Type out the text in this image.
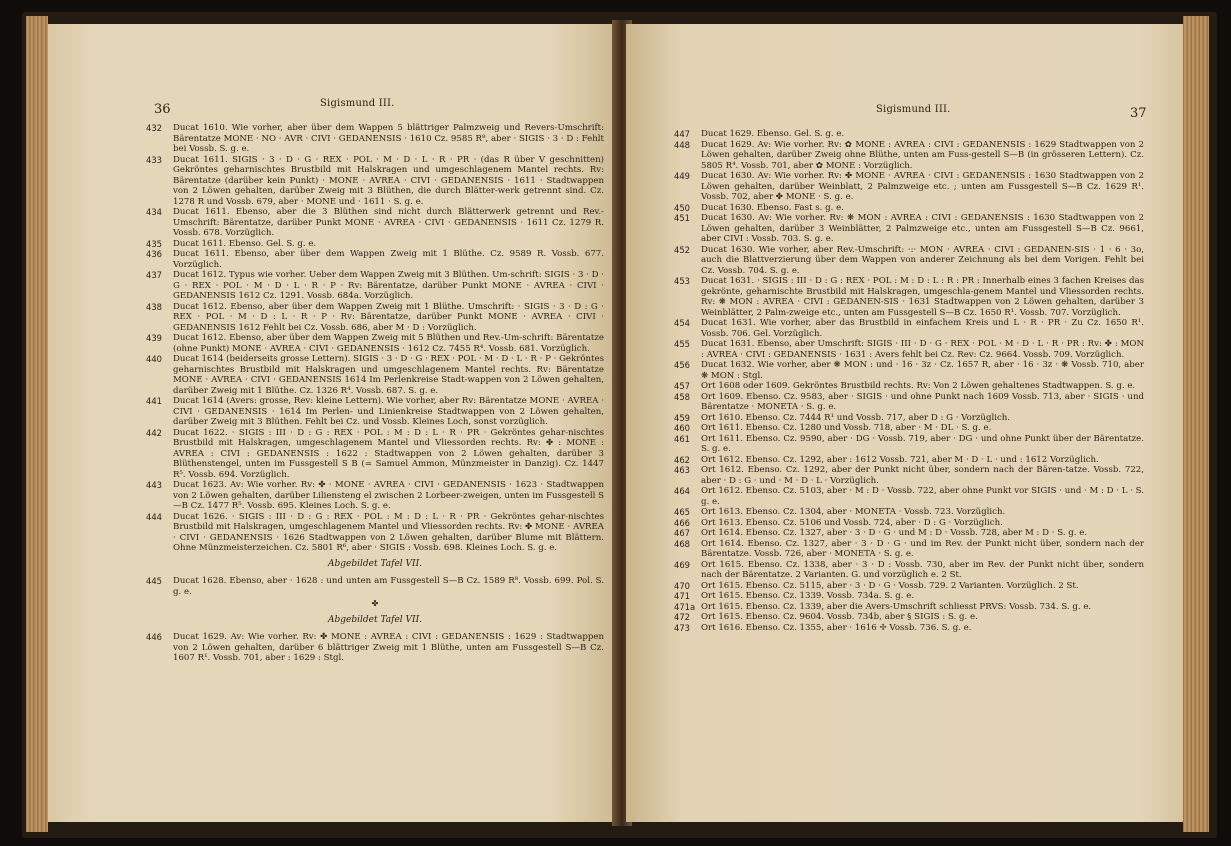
36	Sigismund III.
432 Ducat 1610. Wie vorher, aber über dem Wappen 5 blättriger Palmzweig und Revers-Umschrift: Bärentatze MONE · NO · AVR · CIVI · GEDANENSIS · 1610 Cz. 9585 R⁸, aber · SIGIS · 3 · D : Fehlt bei Vossb. S. g. e.
433 Ducat 1611. SIGIS · 3 · D · G · REX · POL · M · D · L · R · PR · (das R über V geschnitten) Gekröntes geharnischtes Brustbild mit Halskragen und umgeschlagenem Mantel rechts. Rv: Bärentatze (darüber kein Punkt) · MONE · AVREA · CIVI · GEDANENSIS · 1611 · Stadtwappen von 2 Löwen gehalten, darüber Zweig mit 3 Blüthen, die durch Blätter-werk getrennt sind. Cz. 1278 R und Vossb. 679, aber · MONE und · 1611 · S. g. e.
434 Ducat 1611. Ebenso, aber die 3 Blüthen sind nicht durch Blätterwerk getrennt und Rev.-Umschrift: Bärentatze, darüber Punkt MONE · AVREA · CIVI · GEDANENSIS · 1611 Cz. 1279 R. Vossb. 678. Vorzüglich.
435 Ducat 1611. Ebenso. Gel. S. g. e.
436 Ducat 1611. Ebenso, aber über dem Wappen Zweig mit 1 Blüthe. Cz. 9589 R. Vossb. 677. Vorzüglich.
437 Ducat 1612. Typus wie vorher. Ueber dem Wappen Zweig mit 3 Blüthen. Um-schrift: SIGIS · 3 · D · G · REX · POL · M · D · L · R · P · Rv: Bärentatze, darüber Punkt MONE · AVREA · CIVI · GEDANENSIS 1612 Cz. 1291. Vossb. 684a. Vorzüglich.
438 Ducat 1612. Ebenso, aber über dem Wappen Zweig mit 1 Blüthe. Umschrift: · SIGIS · 3 · D : G · REX · POL · M · D : L · R · P · Rv: Bärentatze, darüber Punkt MONE · AVREA · CIVI · GEDANENSIS 1612 Fehlt bei Cz. Vossb. 686, aber M · D : Vorzüglich.
439 Ducat 1612. Ebenso, aber über dem Wappen Zweig mit 5 Blüthen und Rev.-Um-schrift: Bärentatze (ohne Punkt) MONE · AVREA · CIVI · GEDANENSIS · 1612 Cz. 7455 R⁴. Vossb. 681. Vorzüglich.
440 Ducat 1614 (beiderseits grosse Lettern). SIGIS · 3 · D · G · REX · POL · M · D · L · R · P · Gekröntes geharnischtes Brustbild mit Halskragen und umgeschlagenem Mantel rechts. Rv: Bärentatze MONE · AVREA · CIVI · GEDANENSIS 1614 Im Perlenkreise Stadt-wappen von 2 Löwen gehalten, darüber Zweig mit 1 Blüthe. Cz. 1326 R⁴. Vossb. 687. S. g. e.
441 Ducat 1614 (Avers: grosse, Rev: kleine Lettern). Wie vorher, aber Rv: Bärentatze MONE · AVREA · CIVI · GEDANENSIS · 1614 Im Perlen- und Linienkreise Stadtwappen von 2 Löwen gehalten, darüber Zweig mit 3 Blüthen. Fehlt bei Cz. und Vossb. Kleines Loch, sonst vorzüglich.
442 Ducat 1622. · SIGIS : III · D : G : REX · POL : M : D : L · R · PR · Gekröntes gehar-nischtes Brustbild mit Halskragen, umgeschlagenem Mantel und Vliessorden rechts. Rv: ✤ : MONE : AVREA : CIVI : GEDANENSIS : 1622 : Stadtwappen von 2 Löwen gehalten, darüber 3 Blüthenstengel, unten im Fussgestell S B (= Samuel Ammon, Münzmeister in Danzig). Cz. 1447 R⁵. Vossb. 694. Vorzüglich.
443 Ducat 1623. Av: Wie vorher. Rv: ✤ · MONE · AVREA · CIVI · GEDANENSIS · 1623 · Stadtwappen von 2 Löwen gehalten, darüber Liliensteng el zwischen 2 Lorbeer-zweigen, unten im Fussgestell S—B Cz. 1477 R⁵. Vossb. 695. Kleines Loch. S. g. e.
444 Ducat 1626. · SIGIS : III · D : G : REX · POL : M : D : L · R · PR · Gekröntes gehar-nischtes Brustbild mit Halskragen, umgeschlagenem Mantel und Vliessorden rechts. Rv: ✤ MONE · AVREA · CIVI · GEDANENSIS · 1626 Stadtwappen von 2 Löwen gehalten, darüber Blume mit Blättern. Ohne Münzmeisterzeichen. Cz. 5801 R⁶, aber · SIGIS : Vossb. 698. Kleines Loch. S. g. e.
Abgebildet Tafel VII.
445 Ducat 1628. Ebenso, aber · 1628 : und unten am Fussgestell S—B Cz. 1589 R⁸. Vossb. 699. Pol. S. g. e.
✤
Abgebildet Tafel VII.
446 Ducat 1629. Av: Wie vorher. Rv: ✤ MONE : AVREA : CIVI : GEDANENSIS : 1629 : Stadtwappen von 2 Löwen gehalten, darüber 6 blättriger Zweig mit 1 Blüthe, unten am Fussgestell S—B Cz. 1607 R¹. Vossb. 701, aber : 1629 : Stgl.
Sigismund III.	37
447 Ducat 1629. Ebenso. Gel. S. g. e.
448 Ducat 1629. Av: Wie vorher. Rv: ✿ MONE : AVREA : CIVI : GEDANENSIS : 1629 Stadtwappen von 2 Löwen gehalten, darüber Zweig ohne Blüthe, unten am Fuss-gestell S—B (in grösseren Lettern). Cz. 5805 R⁴. Vossb. 701, aber ✿ MONE : Vorzüglich.
449 Ducat 1630. Av: Wie vorher. Rv: ✤ MONE · AVREA · CIVI : GEDANENSIS : 1630 Stadtwappen von 2 Löwen gehalten, darüber Weinblatt, 2 Palmzweige etc. ; unten am Fussgestell S—B Cz. 1629 R¹. Vossb. 702, aber ✤ MONE · S. g. e.
450 Ducat 1630. Ebenso. Fast s. g. e.
451 Ducat 1630. Av: Wie vorher. Rv: ❋ MON : AVREA : CIVI : GEDANENSIS : 1630 Stadtwappen von 2 Löwen gehalten, darüber 3 Weinblätter, 2 Palmzweige etc., unten am Fussgestell S—B Cz. 9661, aber CIVI : Vossb. 703. S. g. e.
452 Ducat 1630. Wie vorher, aber Rev.-Umschrift: ·:· MON · AVREA · CIVI : GEDANEN-SIS · 1 · 6 · 3o, auch die Blattverzierung über dem Wappen von anderer Zeichnung als bei dem Vorigen. Fehlt bei Cz. Vossb. 704. S. g. e.
453 Ducat 1631. · SIGIS : III · D : G : REX · POL : M : D : L : R : PR : Innerhalb eines 3 fachen Kreises das gekrönte, geharnischte Brustbild mit Halskragen, umgeschla-genem Mantel und Vliessorden rechts. Rv: ❋ MON : AVREA · CIVI : GEDANEN-SIS · 1631 Stadtwappen von 2 Löwen gehalten, darüber 3 Weinblätter, 2 Palm-zweige etc., unten am Fussgestell S—B Cz. 1650 R¹. Vossb. 707. Vorzüglich.
454 Ducat 1631. Wie vorher, aber das Brustbild in einfachem Kreis und L · R · PR · Zu Cz. 1650 R¹. Vossb. 706. Gel. Vorzüglich.
455 Ducat 1631. Ebenso, aber Umschrift: SIGIS · III · D · G · REX · POL · M · D · L · R · PR : Rv: ✤ : MON : AVREA · CIVI : GEDANENSIS · 1631 : Avers fehlt bei Cz. Rev: Cz. 9664. Vossb. 709. Vorzüglich.
456 Ducat 1632. Wie vorher, aber ❋ MON : und · 16 · 3z · Cz. 1657 R, aber · 16 · 3z · ❋ Vossb. 710, aber ❋ MON : Stgl.
457 Ort 1608 oder 1609. Gekröntes Brustbild rechts. Rv: Von 2 Löwen gehaltenes Stadtwappen. S. g. e.
458 Ort 1609. Ebenso. Cz. 9583, aber · SIGIS · und ohne Punkt nach 1609 Vossb. 713, aber · SIGIS · und Bärentatze · MONETA · S. g. e.
459 Ort 1610. Ebenso. Cz. 7444 R¹ und Vossb. 717, aber D : G · Vorzüglich.
460 Ort 1611. Ebenso. Cz. 1280 und Vossb. 718, aber · M · DL · S. g. e.
461 Ort 1611. Ebenso. Cz. 9590, aber · DG · Vossb. 719, aber · DG · und ohne Punkt über der Bärentatze. S. g. e.
462 Ort 1612. Ebenso. Cz. 1292, aber : 1612 Vossb. 721, aber M · D · L · und : 1612 Vorzüglich.
463 Ort 1612. Ebenso. Cz. 1292, aber der Punkt nicht über, sondern nach der Bären-tatze. Vossb. 722, aber · D : G · und · M · D · L · Vorzüglich.
464 Ort 1612. Ebenso. Cz. 5103, aber · M : D · Vossb. 722, aber ohne Punkt vor SIGIS · und · M : D · L · S. g. e.
465 Ort 1613. Ebenso. Cz. 1304, aber · MONETA · Vossb. 723. Vorzüglich.
466 Ort 1613. Ebenso. Cz. 5106 und Vossb. 724, aber · D : G · Vorzüglich.
467 Ort 1614. Ebenso. Cz. 1327, aber · 3 · D · G · und M : D · Vossb. 728, aber M : D · S. g. e.
468 Ort 1614. Ebenso. Cz. 1327, aber · 3 · D · G · und im Rev. der Punkt nicht über, sondern nach der Bärentatze. Vossb. 726, aber · MONETA · S. g. e.
469 Ort 1615. Ebenso. Cz. 1338, aber · 3 · D : Vossb. 730, aber im Rev. der Punkt nicht über, sondern nach der Bärentatze. 2 Varianten. G. und vorzüglich e. 2 St.
470 Ort 1615. Ebenso. Cz. 5115, aber · 3 · D · G · Vossb. 729. 2 Varianten. Vorzüglich. 2 St.
471 Ort 1615. Ebenso. Cz. 1339. Vossb. 734a. S. g. e.
471a Ort 1615. Ebenso. Cz. 1339, aber die Avers-Umschrift schliesst PRVS: Vossb. 734. S. g. e.
472 Ort 1615. Ebenso. Cz. 9604. Vossb. 734b, aber § SIGIS : S. g. e.
473 Ort 1616. Ebenso. Cz. 1355, aber · 1616 ✢ Vossb. 736. S. g. e.
